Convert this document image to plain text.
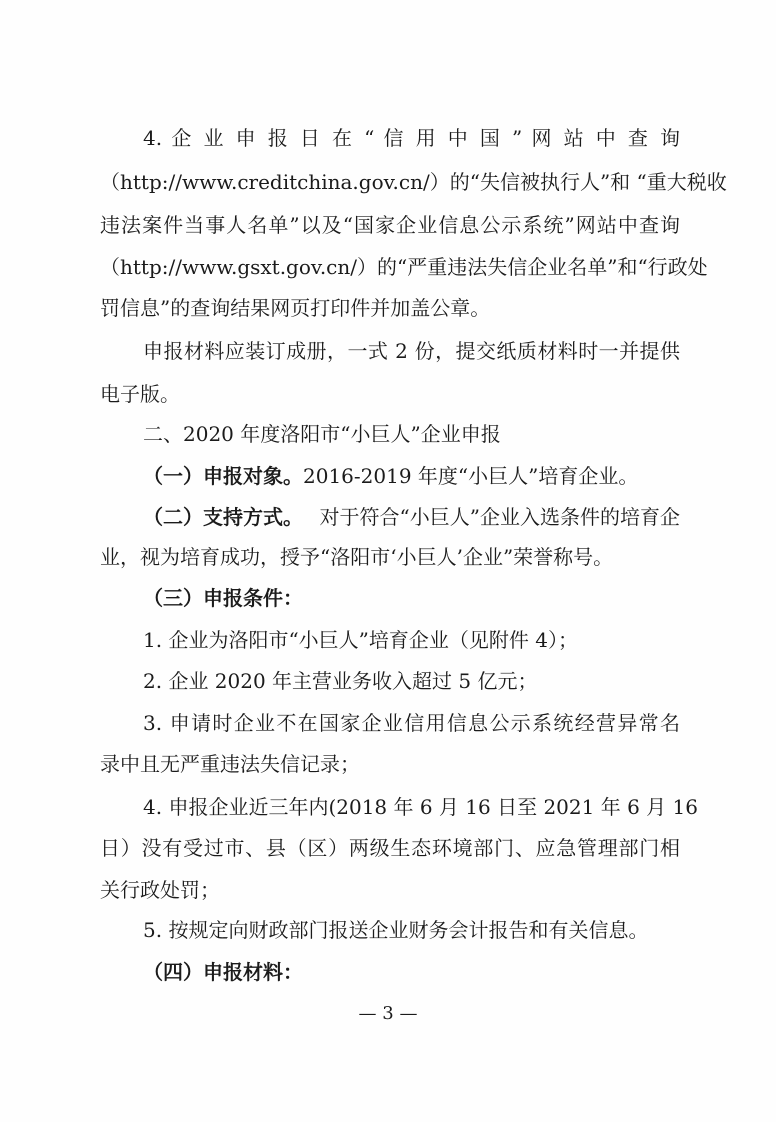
4. 企 业 申 报 日 在 “ 信 用 中 国 ” 网 站 中 查 询
（http://www.creditchina.gov.cn/）的“失信被执行人”和 “重大税收
违法案件当事人名单”以及“国家企业信息公示系统”网站中查询
（http://www.gsxt.gov.cn/）的“严重违法失信企业名单”和“行政处
罚信息”的查询结果网页打印件并加盖公章。
申报材料应装订成册，一式 2 份，提交纸质材料时一并提供
电子版。
二、2020 年度洛阳市“小巨人”企业申报
（一）申报对象。2016-2019 年度“小巨人”培育企业。
（二）支持方式。 对于符合“小巨人”企业入选条件的培育企
业，视为培育成功，授予“洛阳市‘小巨人’企业”荣誉称号。
（三）申报条件：
1. 企业为洛阳市“小巨人”培育企业（见附件 4）；
2. 企业 2020 年主营业务收入超过 5 亿元；
3. 申请时企业不在国家企业信用信息公示系统经营异常名
录中且无严重违法失信记录；
4. 申报企业近三年内(2018 年 6 月 16 日至 2021 年 6 月 16
日）没有受过市、县（区）两级生态环境部门、应急管理部门相
关行政处罚；
5. 按规定向财政部门报送企业财务会计报告和有关信息。
（四）申报材料：
— 3 —
